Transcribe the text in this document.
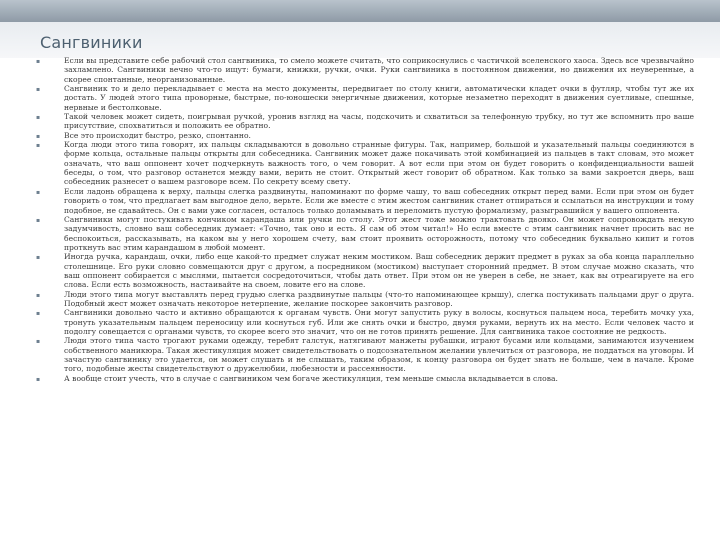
Сангвиники
▪	Если вы представите себе рабочий стол сангвиника, то смело можете считать, что соприкоснулись с частичкой вселенского хаоса. Здесь все чрезвычайно захламлено. Сангвиники вечно что-то ищут: бумаги, книжки, ручки, очки. Руки сангвиника в постоянном движении, но движения их неуверенные, а скорее спонтанные, неорганизованные.
▪	Сангвиник то и дело перекладывает с места на место документы, передвигает по столу книги, автоматически кладет очки в футляр, чтобы тут же их достать. У людей этого типа проворные, быстрые, по-юношески энергичные движения, которые незаметно переходят в движения суетливые, спешные, нервные и бестолковые.
▪	Такой человек может сидеть, поигрывая ручкой, уронив взгляд на часы, подскочить и схватиться за телефонную трубку, но тут же вспомнить про ваше присутствие, спохватиться и положить ее обратно.
▪	Все это происходит быстро, резко, спонтанно.
▪	Когда люди этого типа говорят, их пальцы складываются в довольно странные фигуры. Так, например, большой и указательный пальцы соединяются в форме кольца, остальные пальцы открыты для собеседника. Сангвиник может даже покачивать этой комбинацией из пальцев в такт словам, это может означать, что ваш оппонент хочет подчеркнуть важность того, о чем говорит. А вот если при этом он будет говорить о конфиденциальности вашей беседы, о том, что разговор останется между вами, верить не стоит. Открытый жест говорит об обратном. Как только за вами закроется дверь, ваш собеседник разнесет о вашем разговоре всем. По секрету всему свету.
▪	Если ладонь обращена к верху, пальцы слегка раздвинуты, напоминают по форме чашу, то ваш собеседник открыт перед вами. Если при этом он будет говорить о том, что предлагает вам выгодное дело, верьте. Если же вместе с этим жестом сангвиник станет отпираться и ссылаться на инструкции и тому подобное, не сдавайтесь. Он с вами уже согласен, осталось только доламывать и переломить пустую формализму, разыгравшийся у вашего оппонента.
▪	Сангвиники могут постукивать кончиком карандаша или ручки по столу. Этот жест тоже можно трактовать двояко. Он может сопровождать некую задумчивость, словно ваш собеседник думает: «Точно, так оно и есть. Я сам об этом читал!» Но если вместе с этим сангвиник начнет просить вас не беспокоиться, рассказывать, на каком вы у него хорошем счету, вам стоит проявить осторожность, потому что собеседник буквально кипит и готов проткнуть вас этим карандашом в любой момент.
▪	Иногда ручка, карандаш, очки, либо еще какой-то предмет служат неким мостиком. Ваш собеседник держит предмет в руках за оба конца параллельно столешнице. Его руки словно совмещаются друг с другом, а посредником (мостиком) выступает сторонний предмет. В этом случае можно сказать, что ваш оппонент собирается с мыслями, пытается сосредоточиться, чтобы дать ответ. При этом он не уверен в себе, не знает, как вы отреагируете на его слова. Если есть возможность, настаивайте на своем, ловите его на слове.
▪	Люди этого типа могут выставлять перед грудью слегка раздвинутые пальцы (что-то напоминающее крышу), слегка постукивать пальцами друг о друга. Подобный жест может означать некоторое нетерпение, желание поскорее закончить разговор.
▪	Сангвиники довольно часто и активно обращаются к органам чувств. Они могут запустить руку в волосы, коснуться пальцем носа, теребить мочку уха, тронуть указательным пальцем переносицу или коснуться губ. Или же снять очки и быстро, двумя руками, вернуть их на место. Если человек часто и подолгу совещается с органами чувств, то скорее всего это значит, что он не готов принять решение. Для сангвиника такое состояние не редкость.
▪	Люди этого типа часто трогают руками одежду, теребят галстук, натягивают манжеты рубашки, играют бусами или кольцами, занимаются изучением собственного маникюра. Такая жестикуляция может свидетельствовать о подсознательном желании увлечиться от разговора, не поддаться на уговоры. И зачастую сангвинику это удается, он может слушать и не слышать, таким образом, к концу разговора он будет знать не больше, чем в начале. Кроме того, подобные жесты свидетельствуют о дружелюбии, любезности и рассеянности.
▪	А вообще стоит учесть, что в случае с сангвиником чем богаче жестикуляция, тем меньше смысла вкладывается в слова.
